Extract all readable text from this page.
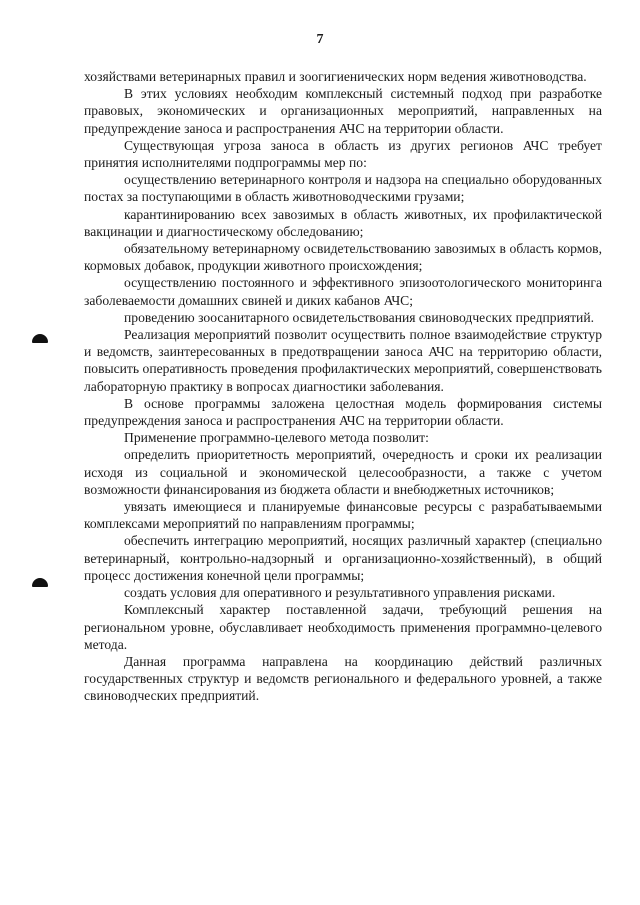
7

хозяйствами ветеринарных правил и зоогигиенических норм ведения животноводства.

В этих условиях необходим комплексный системный подход при разработке правовых, экономических и организационных мероприятий, направленных на предупреждение заноса и распространения АЧС на территории области.

Существующая угроза заноса в область из других регионов АЧС требует принятия исполнителями подпрограммы мер по:

осуществлению ветеринарного контроля и надзора на специально оборудованных постах за поступающими в область животноводческими грузами;

карантинированию всех завозимых в область животных, их профилактической вакцинации и диагностическому обследованию;

обязательному ветеринарному освидетельствованию завозимых в область кормов, кормовых добавок, продукции животного происхождения;

осуществлению постоянного и эффективного эпизоотологического мониторинга заболеваемости домашних свиней и диких кабанов АЧС;

проведению зоосанитарного освидетельствования свиноводческих предприятий.

Реализация мероприятий позволит осуществить полное взаимодействие структур и ведомств, заинтересованных в предотвращении заноса АЧС на территорию области, повысить оперативность проведения профилактических мероприятий, совершенствовать лабораторную практику в вопросах диагностики заболевания.

В основе программы заложена целостная модель формирования системы предупреждения заноса и распространения АЧС на территории области.

Применение программно-целевого метода позволит:

определить приоритетность мероприятий, очередность и сроки их реализации исходя из социальной и экономической целесообразности, а также с учетом возможности финансирования из бюджета области и внебюджетных источников;

увязать имеющиеся и планируемые финансовые ресурсы с разрабатываемыми комплексами мероприятий по направлениям программы;

обеспечить интеграцию мероприятий, носящих различный характер (специально ветеринарный, контрольно-надзорный и организационно-хозяйственный), в общий процесс достижения конечной цели программы;

создать условия для оперативного и результативного управления рисками.

Комплексный характер поставленной задачи, требующий решения на региональном уровне, обуславливает необходимость применения программно-целевого метода.

Данная программа направлена на координацию действий различных государственных структур и ведомств регионального и федерального уровней, а также свиноводческих предприятий.
